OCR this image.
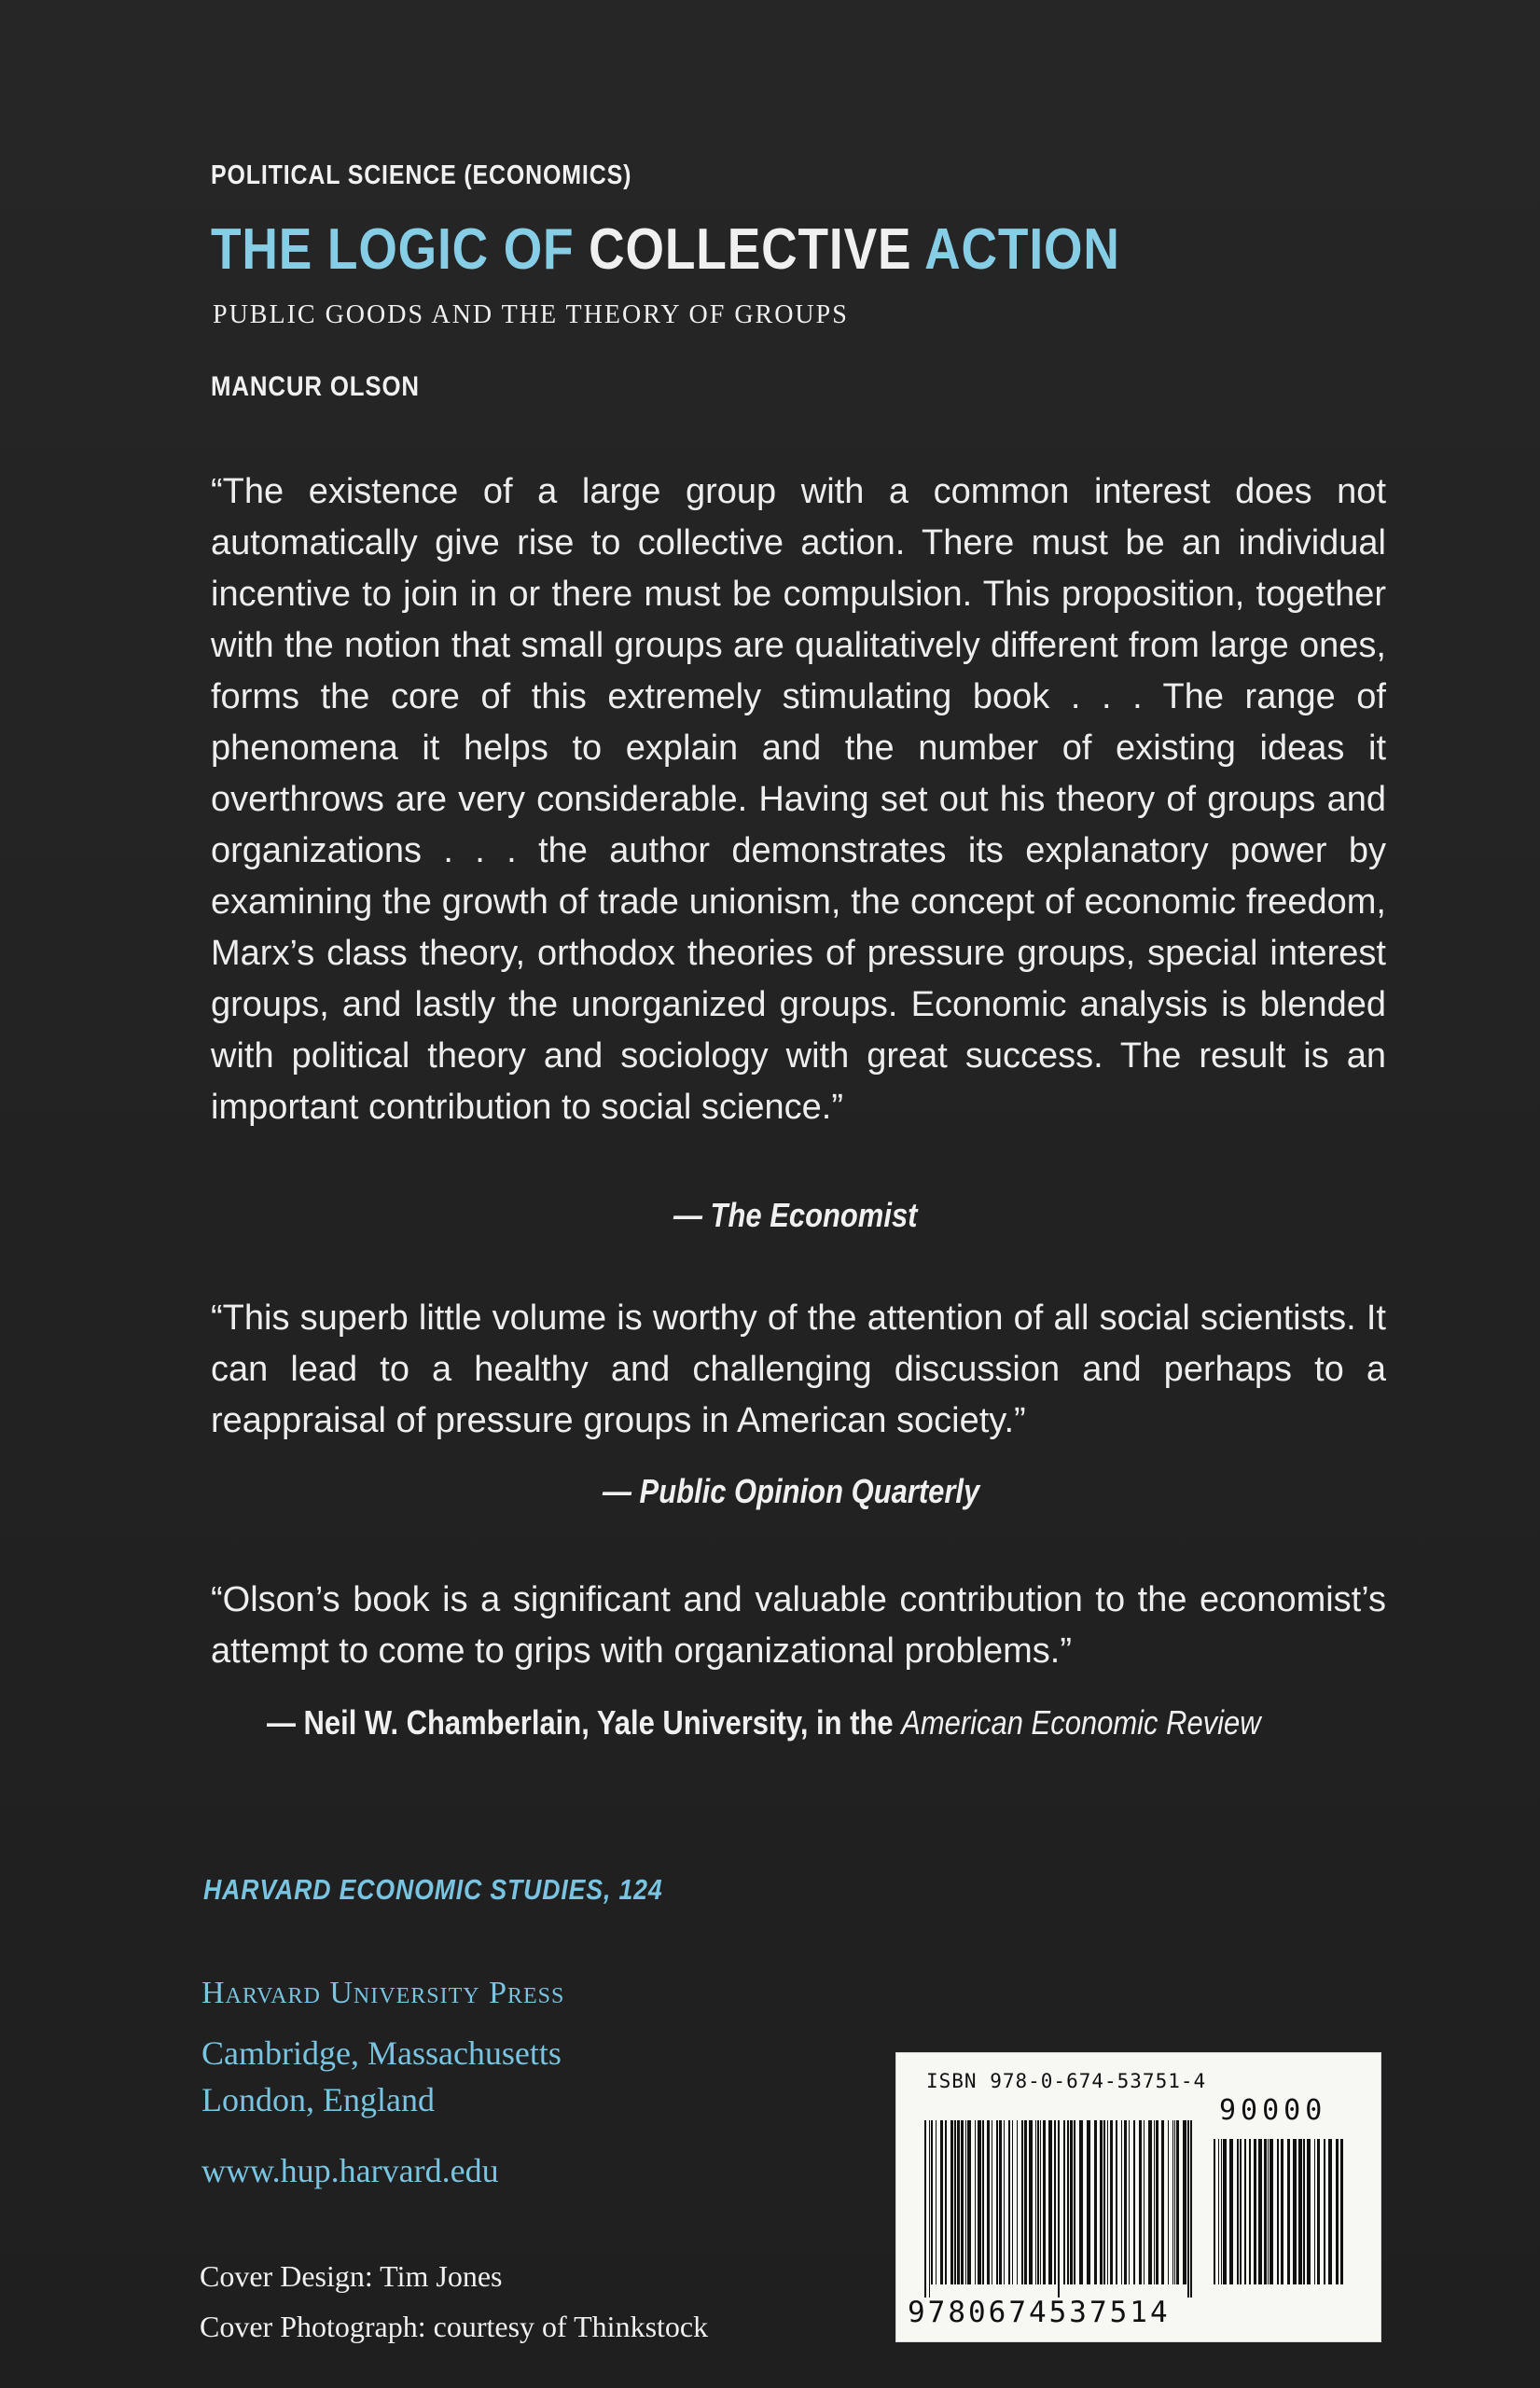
POLITICAL SCIENCE (ECONOMICS)
THE LOGIC OF COLLECTIVE ACTION
PUBLIC GOODS AND THE THEORY OF GROUPS
MANCUR OLSON
“The existence of a large group with a common interest does not automatically give rise to collective action. There must be an individual incentive to join in or there must be compulsion. This proposition, together with the notion that small groups are qualitatively different from large ones, forms the core of this extremely stimulating book . . . The range of phenomena it helps to explain and the number of existing ideas it overthrows are very considerable. Having set out his theory of groups and organizations . . . the author demonstrates its explanatory power by examining the growth of trade unionism, the concept of economic freedom, Marx’s class theory, orthodox theories of pressure groups, special interest groups, and lastly the unorganized groups. Economic analysis is blended with political theory and sociology with great success. The result is an important contribution to social science.”
— The Economist
“This superb little volume is worthy of the attention of all social scientists. It can lead to a healthy and challenging discussion and perhaps to a reappraisal of pressure groups in American society.”
— Public Opinion Quarterly
“Olson’s book is a significant and valuable contribution to the economist’s attempt to come to grips with organizational problems.”
— Neil W. Chamberlain, Yale University, in the American Economic Review
HARVARD ECONOMIC STUDIES, 124
Harvard University Press
Cambridge, Massachusetts
London, England
www.hup.harvard.edu
Cover Design: Tim Jones
Cover Photograph: courtesy of Thinkstock
ISBN 978-0-674-53751-4
90000
9780674537514
